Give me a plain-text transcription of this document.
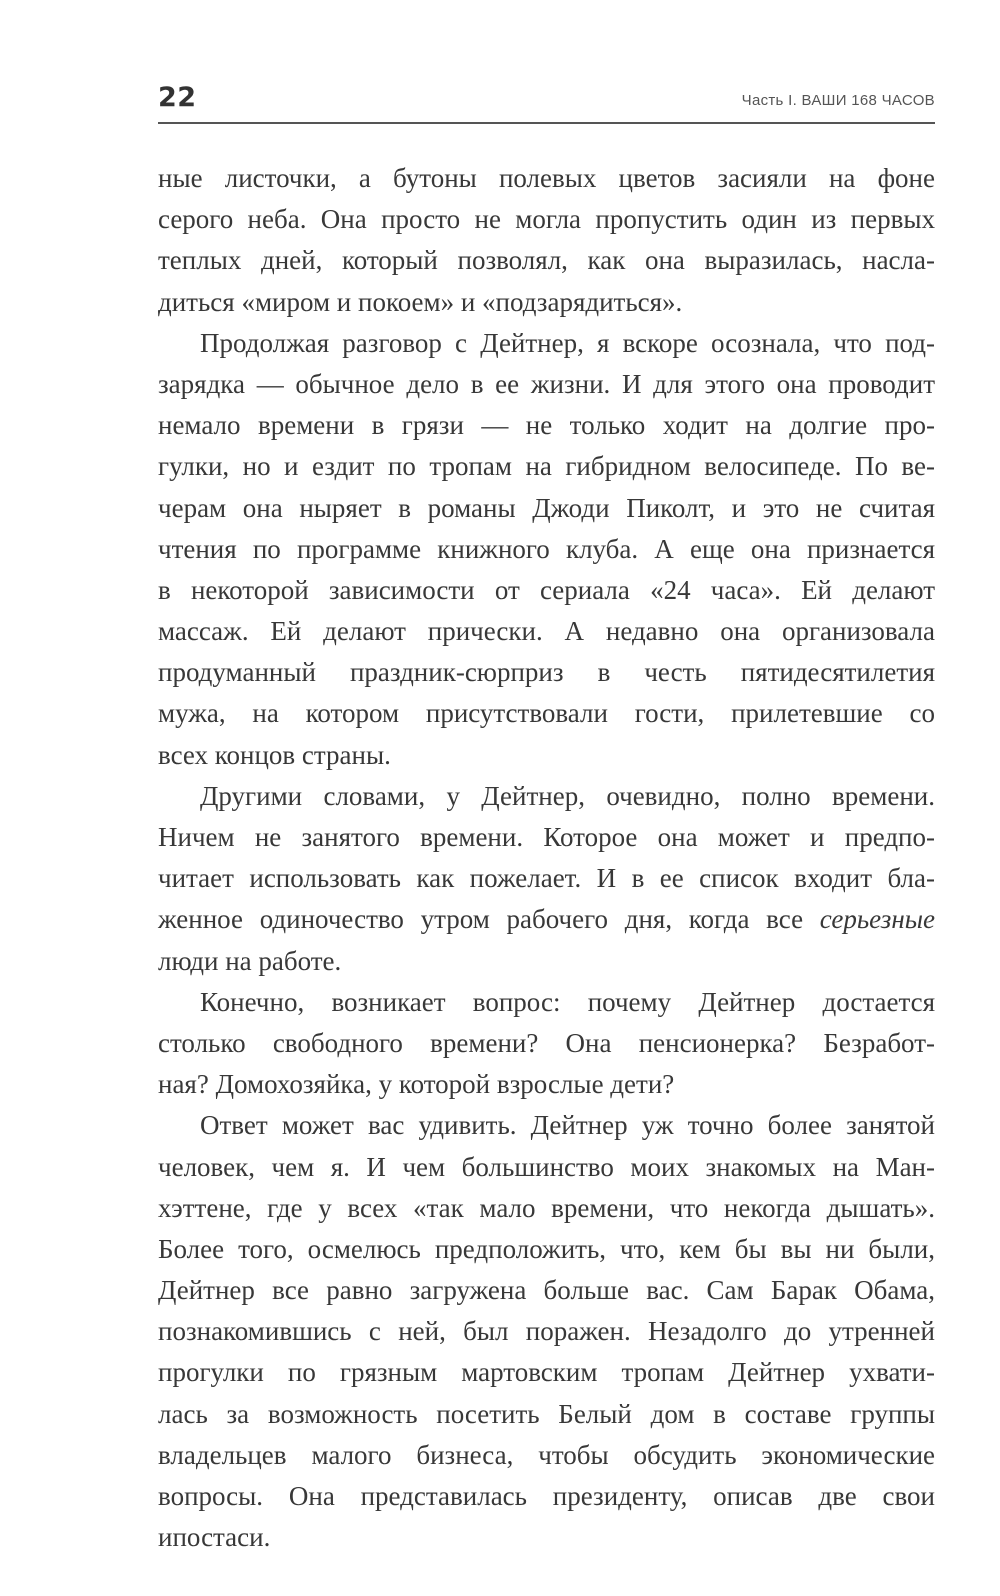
22	Часть I. ВАШИ 168 ЧАСОВ
ные листочки, а бутоны полевых цветов засияли на фоне
серого неба. Она просто не могла пропустить один из первых
теплых дней, который позволял, как она выразилась, насла-
диться «миром и покоем» и «подзарядиться».
Продолжая разговор с Дейтнер, я вскоре осознала, что под-
зарядка — обычное дело в ее жизни. И для этого она проводит
немало времени в грязи — не только ходит на долгие про-
гулки, но и ездит по тропам на гибридном велосипеде. По ве-
черам она ныряет в романы Джоди Пиколт, и это не считая
чтения по программе книжного клуба. А еще она признается
в некоторой зависимости от сериала «24 часа». Ей делают
массаж. Ей делают прически. А недавно она организовала
продуманный праздник-сюрприз в честь пятидесятилетия
мужа, на котором присутствовали гости, прилетевшие со
всех концов страны.
Другими словами, у Дейтнер, очевидно, полно времени.
Ничем не занятого времени. Которое она может и предпо-
читает использовать как пожелает. И в ее список входит бла-
женное одиночество утром рабочего дня, когда все серьезные
люди на работе.
Конечно, возникает вопрос: почему Дейтнер достается
столько свободного времени? Она пенсионерка? Безработ-
ная? Домохозяйка, у которой взрослые дети?
Ответ может вас удивить. Дейтнер уж точно более занятой
человек, чем я. И чем большинство моих знакомых на Ман-
хэттене, где у всех «так мало времени, что некогда дышать».
Более того, осмелюсь предположить, что, кем бы вы ни были,
Дейтнер все равно загружена больше вас. Сам Барак Обама,
познакомившись с ней, был поражен. Незадолго до утренней
прогулки по грязным мартовским тропам Дейтнер ухвати-
лась за возможность посетить Белый дом в составе группы
владельцев малого бизнеса, чтобы обсудить экономические
вопросы. Она представилась президенту, описав две свои
ипостаси.
